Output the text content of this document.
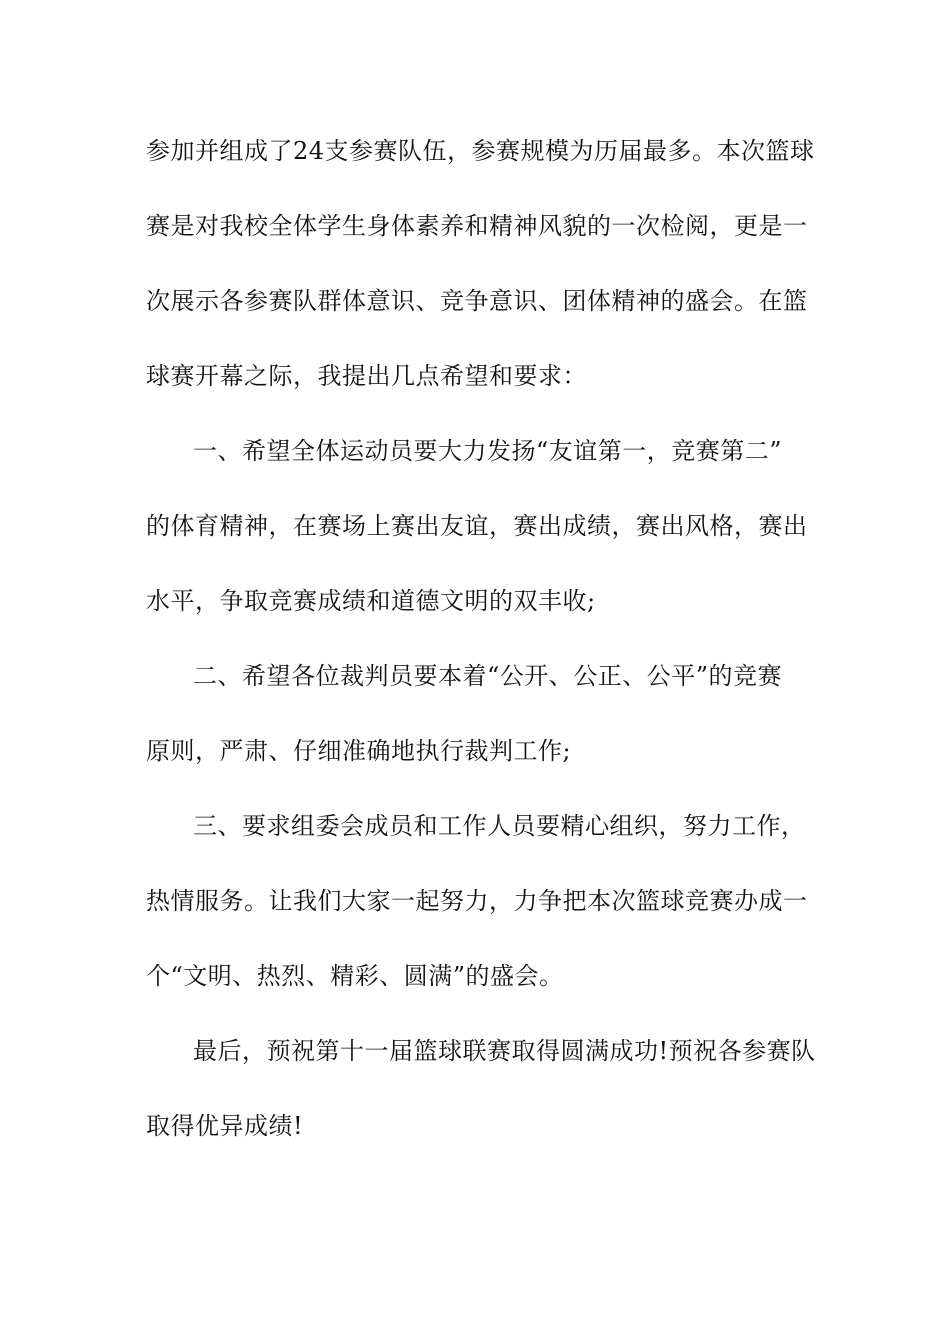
参加并组成了24支参赛队伍，参赛规模为历届最多。本次篮球
赛是对我校全体学生身体素养和精神风貌的一次检阅，更是一
次展示各参赛队群体意识、竞争意识、团体精神的盛会。在篮
球赛开幕之际，我提出几点希望和要求：
一、希望全体运动员要大力发扬“友谊第一，竞赛第二”
的体育精神，在赛场上赛出友谊，赛出成绩，赛出风格，赛出
水平，争取竞赛成绩和道德文明的双丰收;
二、希望各位裁判员要本着“公开、公正、公平”的竞赛
原则，严肃、仔细准确地执行裁判工作;
三、要求组委会成员和工作人员要精心组织，努力工作，
热情服务。让我们大家一起努力，力争把本次篮球竞赛办成一
个“文明、热烈、精彩、圆满”的盛会。
最后，预祝第十一届篮球联赛取得圆满成功!预祝各参赛队
取得优异成绩!
